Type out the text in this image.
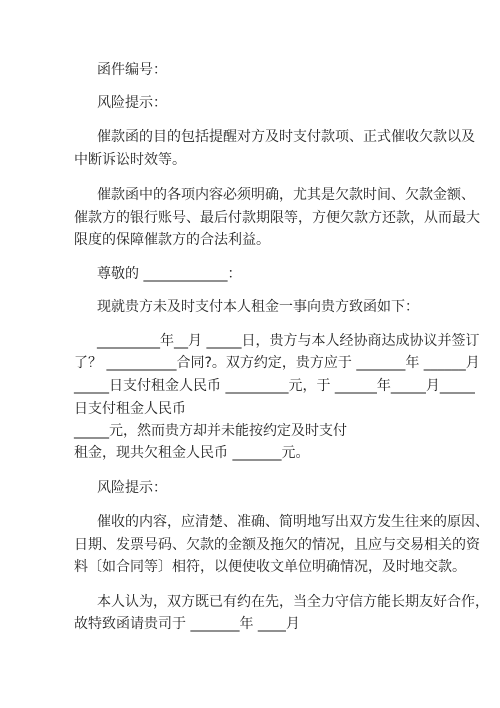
函件编号：
风险提示：
催款函的目的包括提醒对方及时支付款项、正式催收欠款以及
中断诉讼时效等。
催款函中的各项内容必须明确，尤其是欠款时间、欠款金额、
催款方的银行账号、最后付款期限等，方便欠款方还款，从而最大
限度的保障催款方的合法利益。
尊敬的 ____________：
现就贵方未及时支付本人租金一事向贵方致函如下：
_________年__月 _____日，贵方与本人经协商达成协议并签订
了？ __________合同?。双方约定，贵方应于 _______年 ______月
_____日支付租金人民币 _________元，于 ______年_____月_____
日支付租金人民币
_____元，然而贵方却并未能按约定及时支付
租金，现共欠租金人民币 _______元。
风险提示：
催收的内容，应清楚、准确、简明地写出双方发生往来的原因、
日期、发票号码、欠款的金额及拖欠的情况，且应与交易相关的资
料〔如合同等〕相符，以便使收文单位明确情况，及时地交款。
本人认为，双方既已有约在先，当全力守信方能长期友好合作，
故特致函请贵司于 _______年 ____月
